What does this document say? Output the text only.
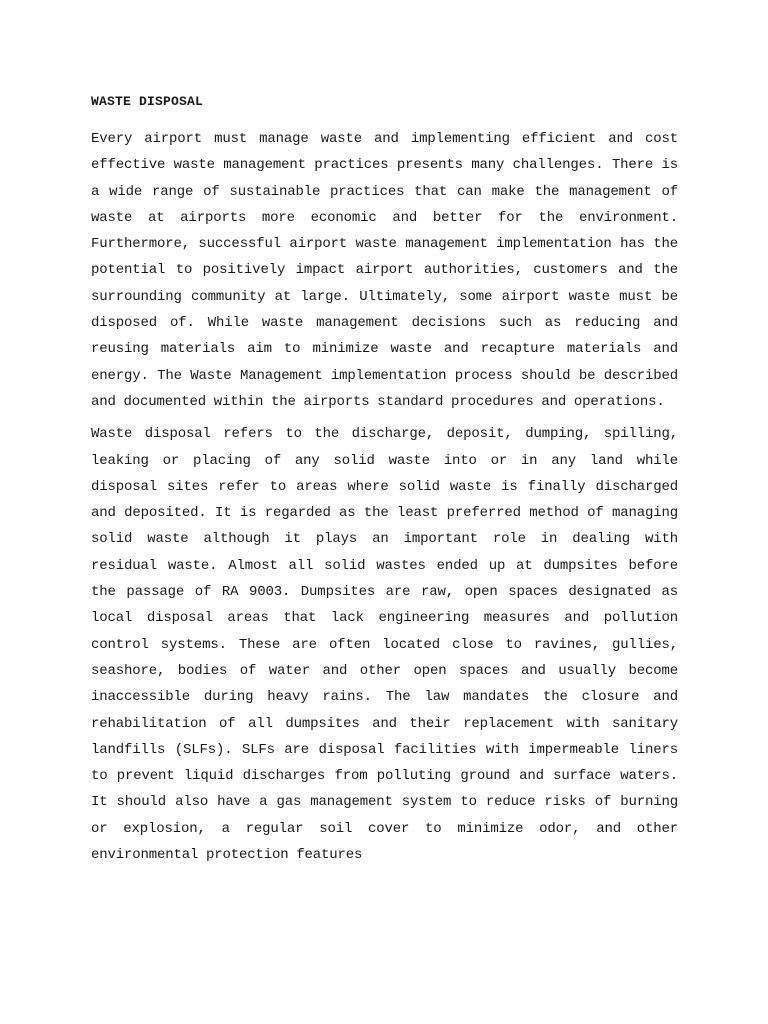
WASTE DISPOSAL

Every airport must manage waste and implementing efficient and cost effective waste management practices presents many challenges. There is a wide range of sustainable practices that can make the management of waste at airports more economic and better for the environment. Furthermore, successful airport waste management implementation has the potential to positively impact airport authorities, customers and the surrounding community at large. Ultimately, some airport waste must be disposed of. While waste management decisions such as reducing and reusing materials aim to minimize waste and recapture materials and energy. The Waste Management implementation process should be described and documented within the airports standard procedures and operations.

Waste disposal refers to the discharge, deposit, dumping, spilling, leaking or placing of any solid waste into or in any land while disposal sites refer to areas where solid waste is finally discharged and deposited. It is regarded as the least preferred method of managing solid waste although it plays an important role in dealing with residual waste. Almost all solid wastes ended up at dumpsites before the passage of RA 9003. Dumpsites are raw, open spaces designated as local disposal areas that lack engineering measures and pollution control systems. These are often located close to ravines, gullies, seashore, bodies of water and other open spaces and usually become inaccessible during heavy rains. The law mandates the closure and rehabilitation of all dumpsites and their replacement with sanitary landfills (SLFs). SLFs are disposal facilities with impermeable liners to prevent liquid discharges from polluting ground and surface waters. It should also have a gas management system to reduce risks of burning or explosion, a regular soil cover to minimize odor, and other environmental protection features
